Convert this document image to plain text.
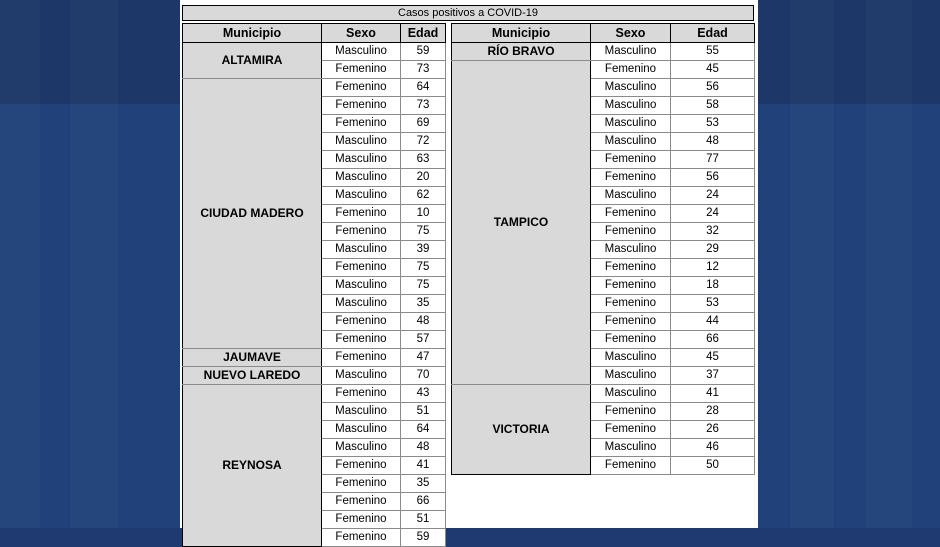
Casos positivos a COVID-19
Municipio	Sexo	Edad
ALTAMIRA	Masculino	59
	Femenino	73
CIUDAD MADERO	Femenino	64
	Femenino	73
	Femenino	69
	Masculino	72
	Masculino	63
	Masculino	20
	Masculino	62
	Femenino	10
	Femenino	75
	Masculino	39
	Femenino	75
	Masculino	75
	Masculino	35
	Femenino	48
	Femenino	57
JAUMAVE	Femenino	47
NUEVO LAREDO	Masculino	70
REYNOSA	Femenino	43
	Masculino	51
	Masculino	64
	Masculino	48
	Femenino	41
	Femenino	35
	Femenino	66
	Femenino	51
	Femenino	59
Municipio	Sexo	Edad
RÍO BRAVO	Masculino	55
TAMPICO	Femenino	45
	Masculino	56
	Masculino	58
	Masculino	53
	Masculino	48
	Femenino	77
	Femenino	56
	Masculino	24
	Femenino	24
	Femenino	32
	Masculino	29
	Femenino	12
	Femenino	18
	Femenino	53
	Femenino	44
	Femenino	66
	Masculino	45
	Masculino	37
VICTORIA	Masculino	41
	Femenino	28
	Femenino	26
	Masculino	46
	Femenino	50
